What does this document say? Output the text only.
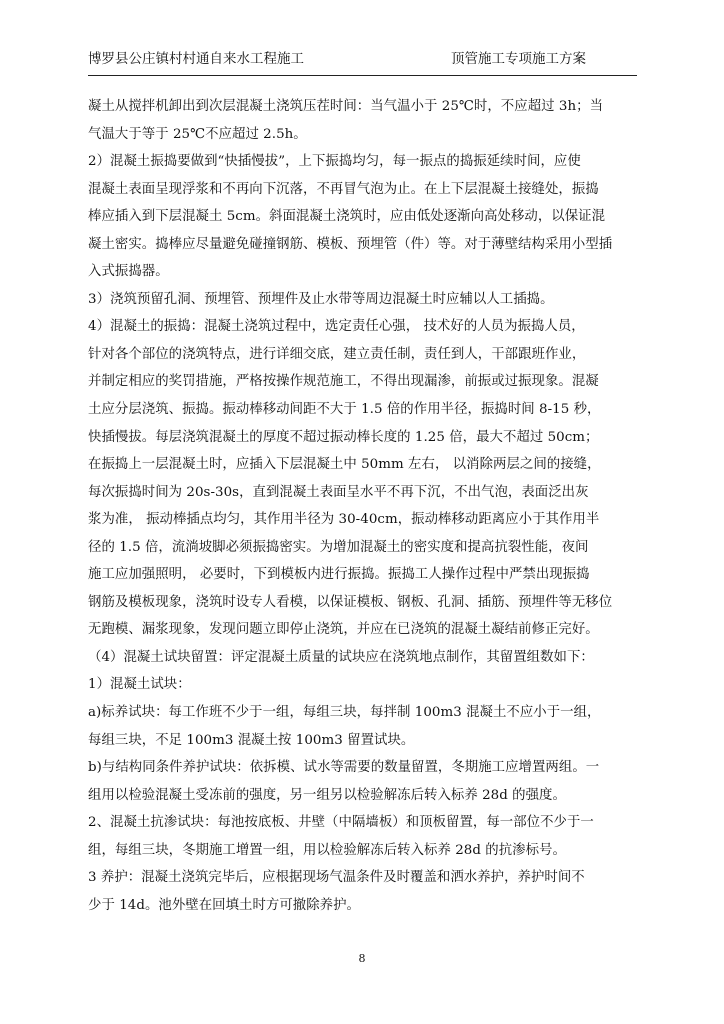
博罗县公庄镇村村通自来水工程施工	顶管施工专项施工方案
凝土从搅拌机卸出到次层混凝土浇筑压茬时间：当气温小于 25℃时，不应超过 3h；当
气温大于等于 25℃不应超过 2.5h。
2）混凝土振捣要做到“快插慢拔”，上下振捣均匀，每一振点的捣振延续时间，应使
混凝土表面呈现浮浆和不再向下沉落，不再冒气泡为止。在上下层混凝土接缝处，振捣
棒应插入到下层混凝土 5cm。斜面混凝土浇筑时，应由低处逐渐向高处移动，以保证混
凝土密实。捣棒应尽量避免碰撞钢筋、模板、预埋管（件）等。对于薄壁结构采用小型插
入式振捣器。
3）浇筑预留孔洞、预埋管、预埋件及止水带等周边混凝土时应辅以人工插捣。
4）混凝土的振捣：混凝土浇筑过程中，选定责任心强， 技术好的人员为振捣人员，
针对各个部位的浇筑特点，进行详细交底，建立责任制，责任到人，干部跟班作业，
并制定相应的奖罚措施，严格按操作规范施工，不得出现漏渗，前振或过振现象。混凝
土应分层浇筑、振捣。振动棒移动间距不大于 1.5 倍的作用半径，振捣时间 8-15 秒，
快插慢拔。每层浇筑混凝土的厚度不超过振动棒长度的 1.25 倍，最大不超过 50cm；
在振捣上一层混凝土时，应插入下层混凝土中 50mm 左右， 以消除两层之间的接缝，
每次振捣时间为 20s-30s，直到混凝土表面呈水平不再下沉，不出气泡，表面泛出灰
浆为准， 振动棒插点均匀，其作用半径为 30-40cm，振动棒移动距离应小于其作用半
径的 1.5 倍，流淌坡脚必须振捣密实。为增加混凝土的密实度和提高抗裂性能，夜间
施工应加强照明， 必要时，下到模板内进行振捣。振捣工人操作过程中严禁出现振捣
钢筋及模板现象，浇筑时设专人看模，以保证模板、钢板、孔洞、插筋、预埋件等无移位
无跑模、漏浆现象，发现问题立即停止浇筑，并应在已浇筑的混凝土凝结前修正完好。
（4）混凝土试块留置：评定混凝土质量的试块应在浇筑地点制作，其留置组数如下：
1）混凝土试块：
a)标养试块：每工作班不少于一组，每组三块，每拌制 100m3 混凝土不应小于一组，
每组三块，不足 100m3 混凝土按 100m3 留置试块。
b)与结构同条件养护试块：依拆模、试水等需要的数量留置，冬期施工应增置两组。一
组用以检验混凝土受冻前的强度，另一组另以检验解冻后转入标养 28d 的强度。
2、混凝土抗渗试块：每池按底板、井壁（中隔墙板）和顶板留置，每一部位不少于一
组，每组三块，冬期施工增置一组，用以检验解冻后转入标养 28d 的抗渗标号。
3 养护：混凝土浇筑完毕后，应根据现场气温条件及时覆盖和洒水养护，养护时间不
少于 14d。池外壁在回填土时方可撤除养护。
8
